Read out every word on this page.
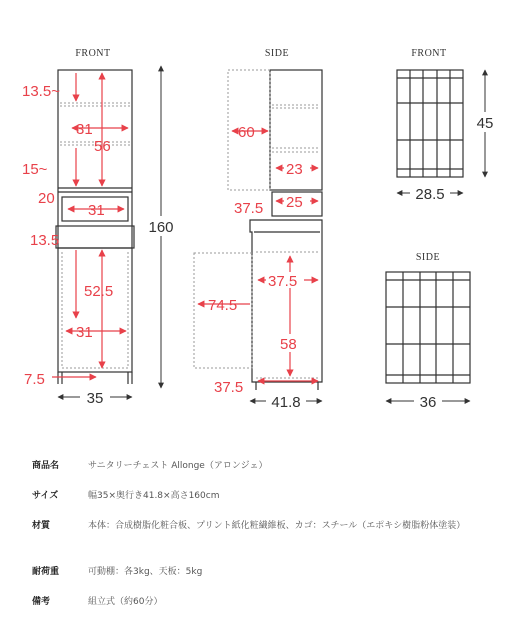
FRONT
13.5~
31
56
15~
20
31
13.5
52.5
31
7.5
35
160
SIDE
60
23
25
37.5
37.5
74.5
58
37.5
41.8
FRONT
45
28.5
SIDE
36
商品名	サニタリーチェスト Allonge（アロンジェ）
サイズ	幅35×奥行き41.8×高さ160cm
材質	本体：合成樹脂化粧合板、プリント紙化粧繊維板、カゴ：スチール（エポキシ樹脂粉体塗装）
耐荷重	可動棚：各3kg、天板：5kg
備考	組立式（約60分）
